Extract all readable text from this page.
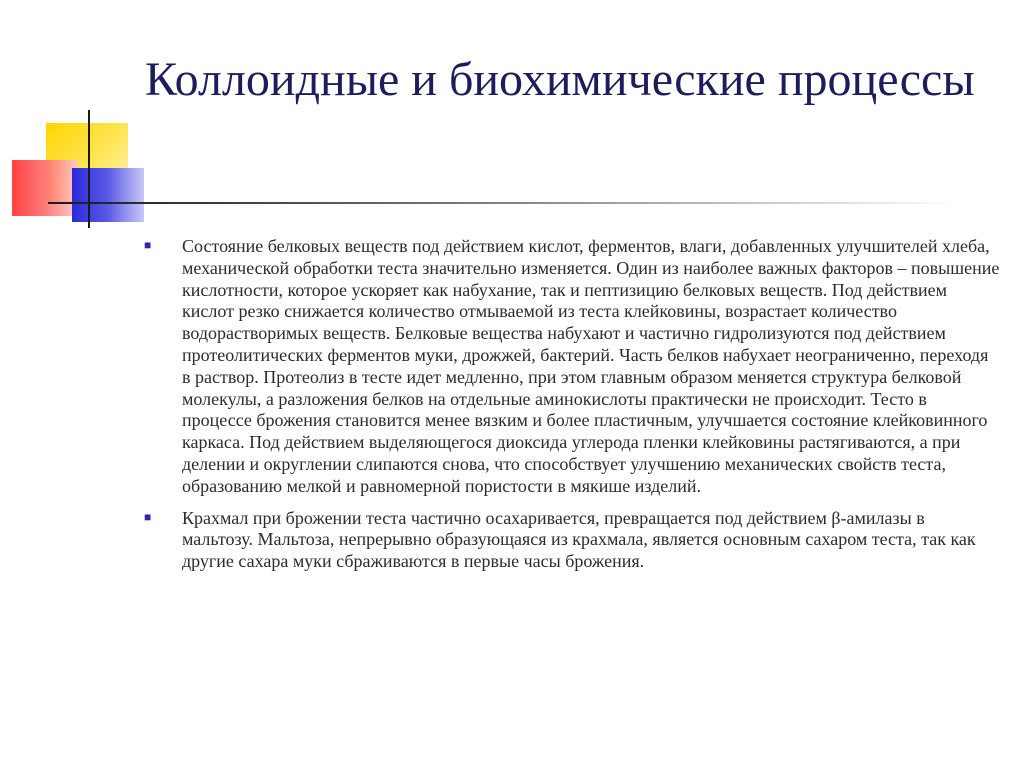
Коллоидные и биохимические процессы
■ Состояние белковых веществ под действием кислот, ферментов, влаги, добавленных улучшителей хлеба, механической обработки теста значительно изменяется. Один из наиболее важных факторов – повышение кислотности, которое ускоряет как набухание, так и пептизицию белковых веществ. Под действием кислот резко снижается количество отмываемой из теста клейковины, возрастает количество водорастворимых веществ. Белковые вещества набухают и частично гидролизуются под действием протеолитических ферментов муки, дрожжей, бактерий. Часть белков набухает неограниченно, переходя в раствор. Протеолиз в тесте идет медленно, при этом главным образом меняется структура белковой молекулы, а разложения белков на отдельные аминокислоты практически не происходит. Тесто в процессе брожения становится менее вязким и более пластичным, улучшается состояние клейковинного каркаса. Под действием выделяющегося диоксида углерода пленки клейковины растягиваются, а при делении и округлении слипаются снова, что способствует улучшению механических свойств теста, образованию мелкой и равномерной пористости в мякише изделий.
■ Крахмал при брожении теста частично осахаривается, превращается под действием β-амилазы в мальтозу. Мальтоза, непрерывно образующаяся из крахмала, является основным сахаром теста, так как другие сахара муки сбраживаются в первые часы брожения.
